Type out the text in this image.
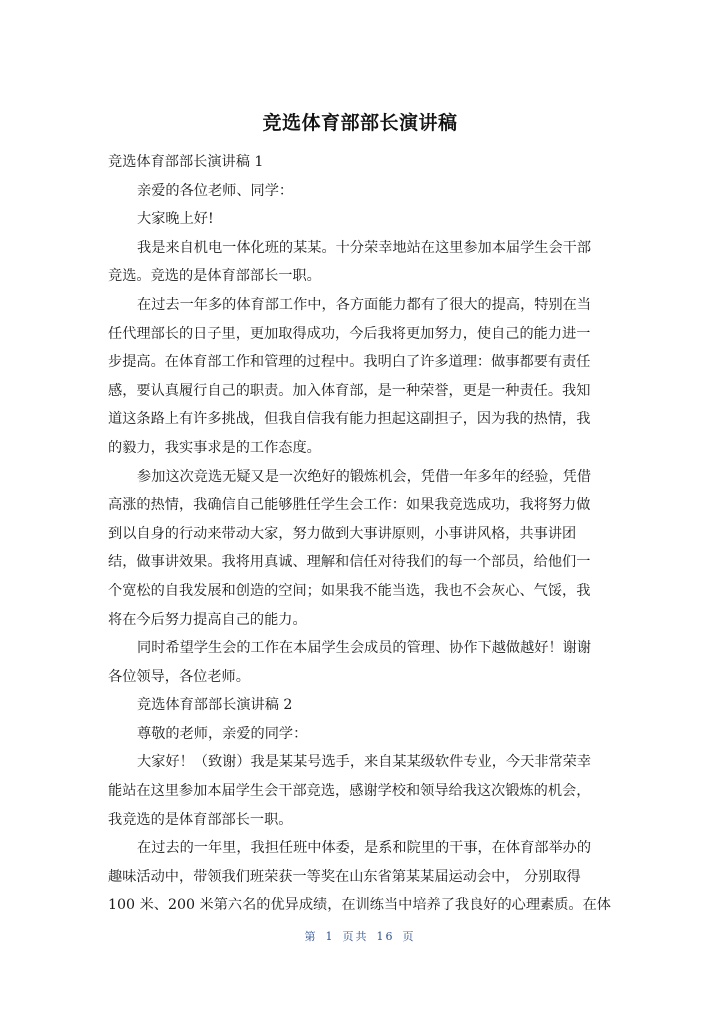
竞选体育部部长演讲稿
竞选体育部部长演讲稿 1
亲爱的各位老师、同学：
大家晚上好!
我是来自机电一体化班的某某。十分荣幸地站在这里参加本届学生会干部
竞选。竞选的是体育部部长一职。
在过去一年多的体育部工作中，各方面能力都有了很大的提高，特别在当
任代理部长的日子里，更加取得成功，今后我将更加努力，使自己的能力进一
步提高。在体育部工作和管理的过程中。我明白了许多道理：做事都要有责任
感，要认真履行自己的职责。加入体育部，是一种荣誉，更是一种责任。我知
道这条路上有许多挑战，但我自信我有能力担起这副担子，因为我的热情，我
的毅力，我实事求是的工作态度。
参加这次竞选无疑又是一次绝好的锻炼机会，凭借一年多年的经验，凭借
高涨的热情，我确信自己能够胜任学生会工作：如果我竞选成功，我将努力做
到以自身的行动来带动大家，努力做到大事讲原则，小事讲风格，共事讲团
结，做事讲效果。我将用真诚、理解和信任对待我们的每一个部员，给他们一
个宽松的自我发展和创造的空间；如果我不能当选，我也不会灰心、气馁，我
将在今后努力提高自己的能力。
同时希望学生会的工作在本届学生会成员的管理、协作下越做越好！谢谢
各位领导，各位老师。
竞选体育部部长演讲稿 2
尊敬的老师，亲爱的同学：
大家好！（致谢）我是某某号选手，来自某某级软件专业，今天非常荣幸
能站在这里参加本届学生会干部竞选，感谢学校和领导给我这次锻炼的机会，
我竞选的是体育部部长一职。
在过去的一年里，我担任班中体委，是系和院里的干事，在体育部举办的
趣味活动中，带领我们班荣获一等奖在山东省第某某届运动会中， 分别取得
100 米、200 米第六名的优异成绩，在训练当中培养了我良好的心理素质。在体
第 1 页共 16 页
